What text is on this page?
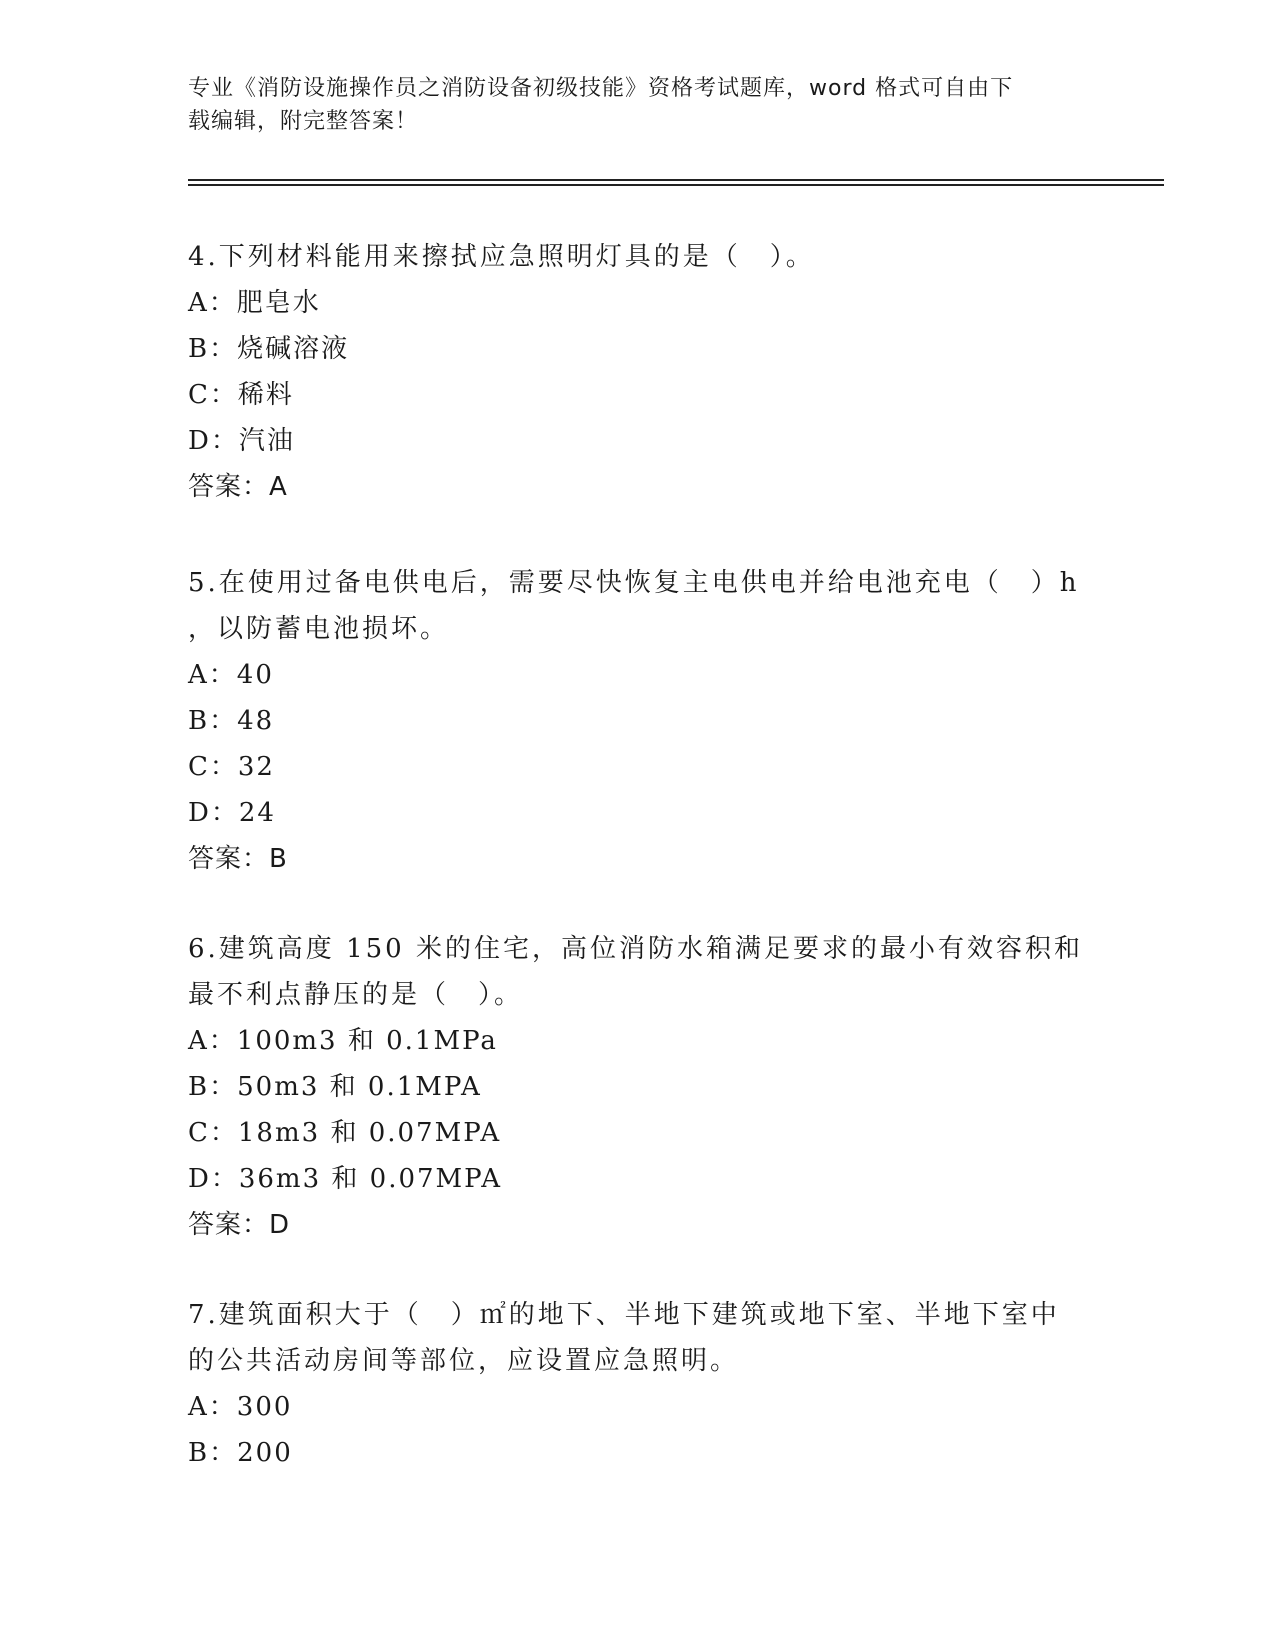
专业《消防设施操作员之消防设备初级技能》资格考试题库，word 格式可自由下
载编辑，附完整答案！

4.下列材料能用来擦拭应急照明灯具的是（　）。

A：肥皂水

B：烧碱溶液

C：稀料

D：汽油

答案：A

5.在使用过备电供电后，需要尽快恢复主电供电并给电池充电（　）h

，以防蓄电池损坏。

A：40

B：48

C：32

D：24

答案：B

6.建筑高度 150 米的住宅，高位消防水箱满足要求的最小有效容积和

最不利点静压的是（　）。

A：100m3 和 0.1MPa

B：50m3 和 0.1MPA

C：18m3 和 0.07MPA

D：36m3 和 0.07MPA

答案：D

7.建筑面积大于（　）㎡的地下、半地下建筑或地下室、半地下室中

的公共活动房间等部位，应设置应急照明。

A：300

B：200
